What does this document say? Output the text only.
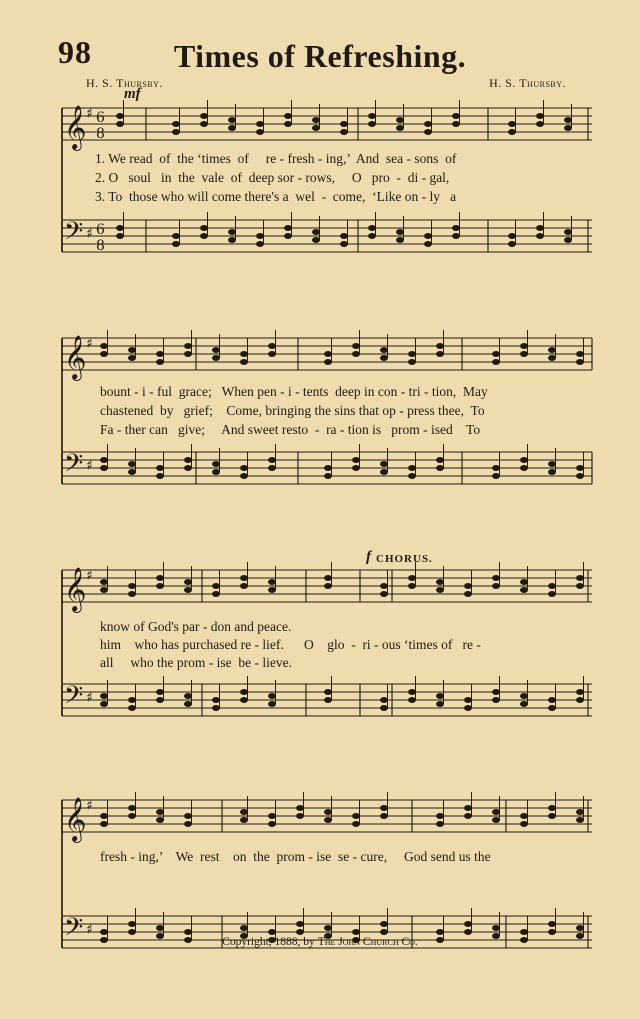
98	Times of Refreshing.
H. S. Thursby.	H. S. Thursby.
𝄞 ♯
𝄢 ♯
6
8
6
8
𝄞 ♯
𝄢 ♯
𝄞 ♯
𝄢 ♯
𝄞 ♯
𝄢 ♯
mf
f CHORUS.
1. We read  of  the ‘times  of     re - fresh - ing,’  And  sea - sons  of
2. O   soul   in  the  vale  of  deep sor - rows,     O   pro  -  di - gal,
3. To  those who will come there's a  wel  -  come,  ‘Like on - ly   a
bount - i - ful  grace;   When pen - i - tents  deep in con - tri - tion,  May
chastened  by   grief;    Come, bringing the sins that op - press thee,  To
Fa - ther can   give;     And sweet resto  -  ra - tion is   prom - ised    To
know of God's par - don and peace.
him    who has purchased re - lief.      O    glo  -  ri - ous ‘times of   re -
all     who the prom - ise  be - lieve.
fresh - ing,’    We  rest    on  the  prom - ise  se - cure,     God send us the
Copyright, 1888, by The John Church Co.
